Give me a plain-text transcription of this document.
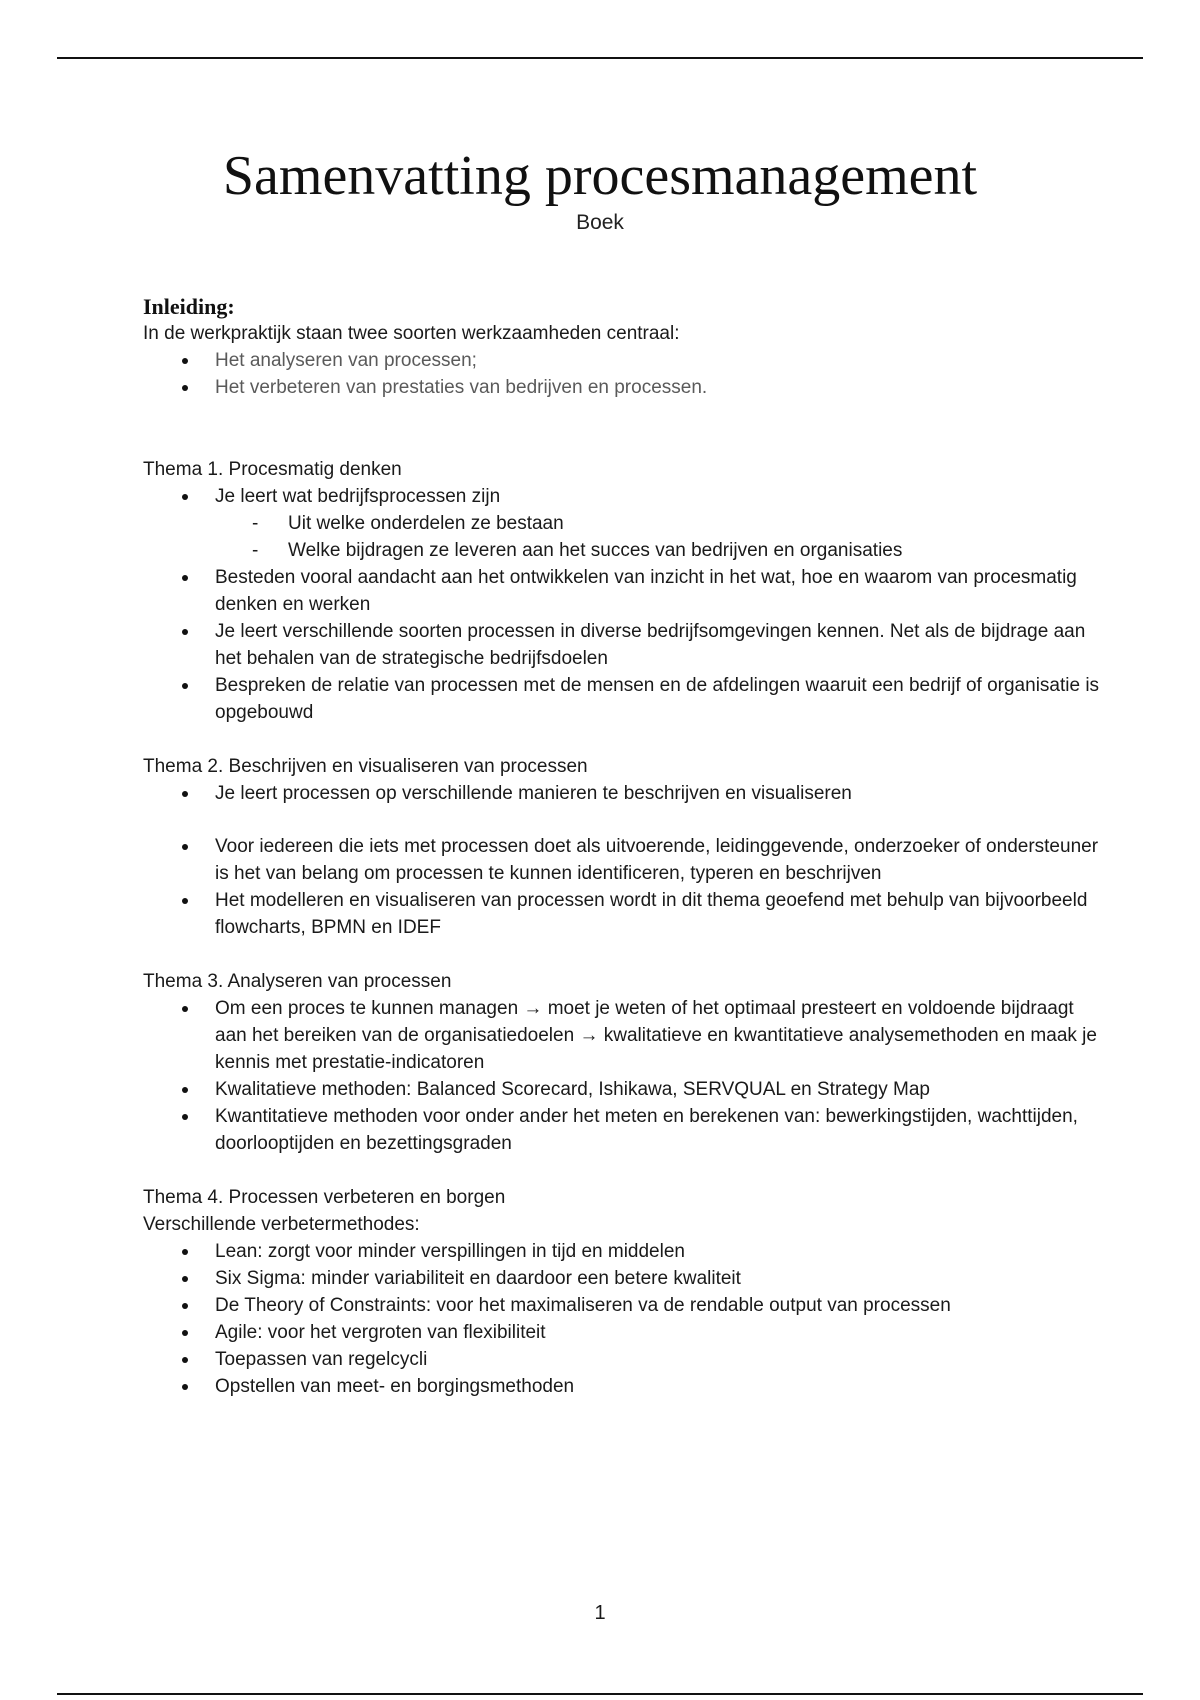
Samenvatting procesmanagement
Boek
Inleiding:

In de werkpraktijk staan twee soorten werkzaamheden centraal:

Het analyseren van processen;
Het verbeteren van prestaties van bedrijven en processen.

Thema 1. Procesmatig denken

Je leert wat bedrijfsprocessen zijn
- Uit welke onderdelen ze bestaan
- Welke bijdragen ze leveren aan het succes van bedrijven en organisaties
Besteden vooral aandacht aan het ontwikkelen van inzicht in het wat, hoe en waarom van procesmatig denken en werken
Je leert verschillende soorten processen in diverse bedrijfsomgevingen kennen. Net als de bijdrage aan het behalen van de strategische bedrijfsdoelen
Bespreken de relatie van processen met de mensen en de afdelingen waaruit een bedrijf of organisatie is opgebouwd

Thema 2. Beschrijven en visualiseren van processen

Je leert processen op verschillende manieren te beschrijven en visualiseren
Voor iedereen die iets met processen doet als uitvoerende, leidinggevende, onderzoeker of ondersteuner is het van belang om processen te kunnen identificeren, typeren en beschrijven
Het modelleren en visualiseren van processen wordt in dit thema geoefend met behulp van bijvoorbeeld flowcharts, BPMN en IDEF

Thema 3. Analyseren van processen

Om een proces te kunnen managen → moet je weten of het optimaal presteert en voldoende bijdraagt aan het bereiken van de organisatiedoelen → kwalitatieve en kwantitatieve analysemethoden en maak je kennis met prestatie-indicatoren
Kwalitatieve methoden: Balanced Scorecard, Ishikawa, SERVQUAL en Strategy Map
Kwantitatieve methoden voor onder ander het meten en berekenen van: bewerkingstijden, wachttijden, doorlooptijden en bezettingsgraden

Thema 4. Processen verbeteren en borgen

Verschillende verbetermethodes:

Lean: zorgt voor minder verspillingen in tijd en middelen
Six Sigma: minder variabiliteit en daardoor een betere kwaliteit
De Theory of Constraints: voor het maximaliseren va de rendable output van processen
Agile: voor het vergroten van flexibiliteit
Toepassen van regelcycli
Opstellen van meet- en borgingsmethoden
1
